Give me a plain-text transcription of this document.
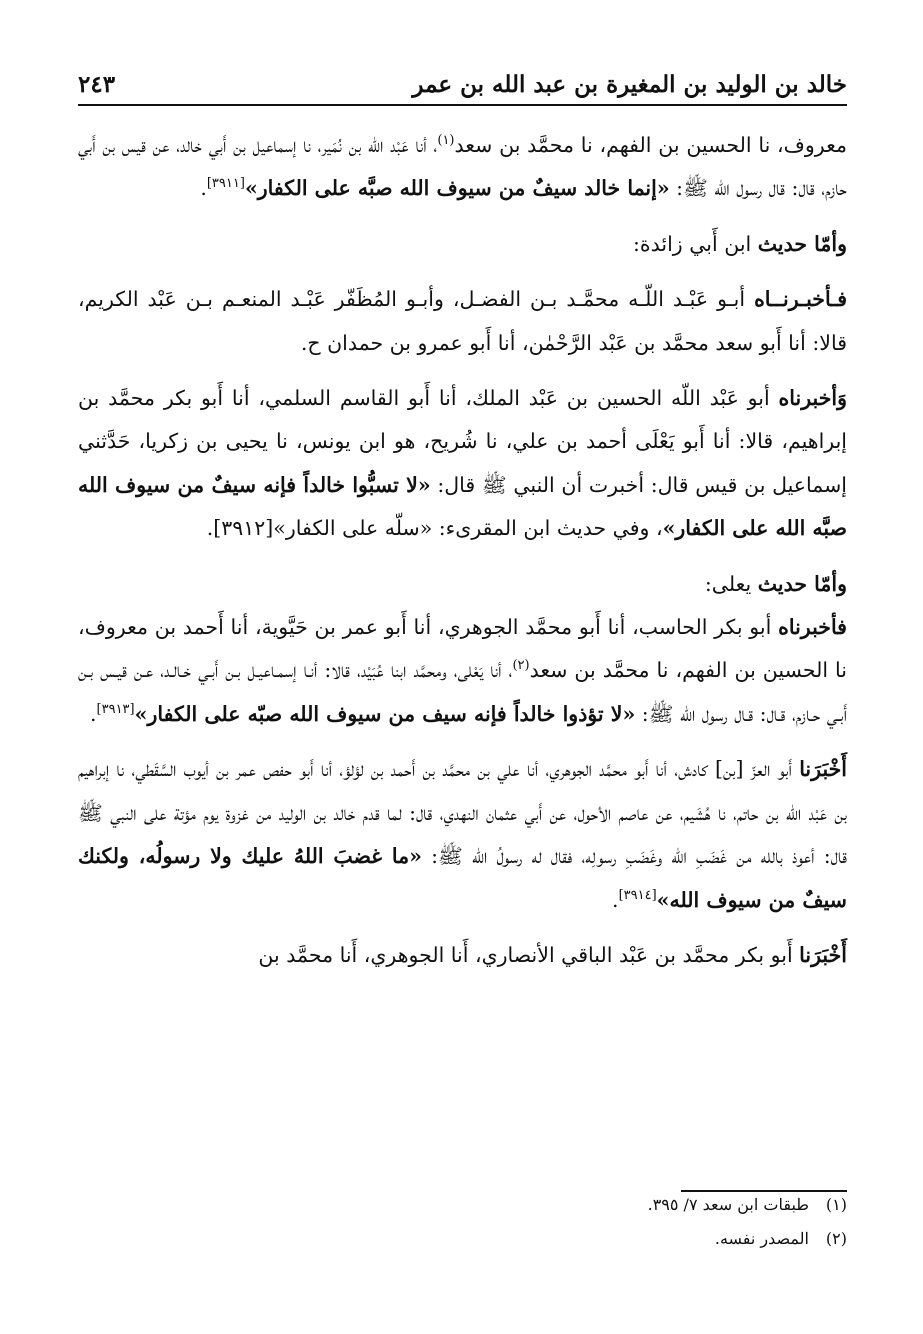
خالد بن الوليد بن المغيرة بن عبد الله بن عمر
٢٤٣

معروف، نا الحسين بن الفهم، نا محمَّد بن سعد$^{(١)}$، أنا عَبْد اللّه بن نُمَير، نا إسماعيل بن أَبي خالد، عن قيس بن أَبي حازم، قال: قال رسول الله ﷺ: «إنما خالد سيفٌ من سيوف الله صبَّه على الكفار»[٣٩١١].

وأمّا حديث ابن أَبي زائدة:

فـأخبـرنــاه أبـو عَبْـد اللّـه محمَّـد بـن الفضـل، وأبـو المُظَفّر عَبْـد المنعـم بـن عَبْد الكريم، قالا: أنا أَبو سعد محمَّد بن عَبْد الرَّحْمٰن، أنا أَبو عمرو بن حمدان ح.

وَأخبرناه أبو عَبْد اللّه الحسين بن عَبْد الملك، أنا أَبو القاسم السلمي، أنا أَبو بكر محمَّد بن إبراهيم، قالا: أنا أَبو يَعْلَى أحمد بن علي، نا شُريح، هو ابن يونس، نا يحيى بن زكريا، حَدَّثني إسماعيل بن قيس قال: أخبرت أن النبي ﷺ قال: «لا تسبُّوا خالداً فإنه سيفٌ من سيوف الله صبَّه الله على الكفار»، وفي حديث ابن المقرىء: «سلّه على الكفار»[٣٩١٢].

وأمّا حديث يعلى:

فأخبرناه أبو بكر الحاسب، أنا أَبو محمَّد الجوهري، أنا أَبو عمر بن حَيَّوية، أنا أَحمد بن معروف، نا الحسين بن الفهم، نا محمَّد بن سعد$^{(٢)}$، أنا يَعْلى، ومحمَّد ابنا عُبَيْد، قالا: أنـا إسمـاعيـل بـن أَبـي خـالـد، عـن قيـس بـن أَبـي حـازم، قـال: قـال رسول الله ﷺ: «لا تؤذوا خالداً فإنه سيف من سيوف الله صبّه على الكفار»[٣٩١٣].

أَخْبَرَنا أَبو العزّ [بن] كادش، أنا أَبو محمَّد الجوهري، أنا علي بن محمَّد بن أَحمد بن لؤلؤ، أنا أَبو حفص عمر بن أيوب السَّقَطي، نا إبراهيم بن عَبْد اللّه بن حاتم، نا هُشَيم، عن عاصم الأحول، عن أَبي عثمان النهدي، قال: لما قدم خالد بن الوليد من غزوة يوم مؤتة على النبي ﷺ قال: أعوذ بالله من غَضَبِ الله وغَضَبِ رسولِه، فقال له رسولُ الله ﷺ: «ما غضبَ اللهُ عليك ولا رسولُه، ولكنك سيفٌ من سيوف الله»[٣٩١٤].

أَخْبَرَنا أَبو بكر محمَّد بن عَبْد الباقي الأنصاري، أَنا الجوهري، أَنا محمَّد بن

(١)
طبقات ابن سعد ٧/ ٣٩٥.
(٢)
المصدر نفسه.
